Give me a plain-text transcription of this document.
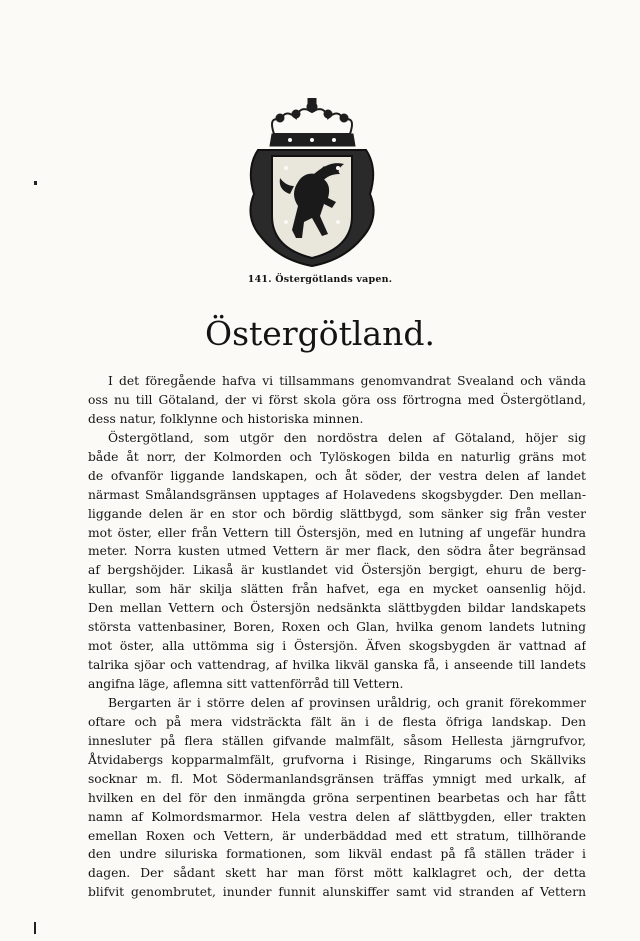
141. Östergötlands vapen.
Östergötland.
I det föregående hafva vi tillsammans genomvandrat Svealand och vända
oss nu till Götaland, der vi först skola göra oss förtrogna med Östergötland,
dess natur, folklynne och historiska minnen.
Östergötland, som utgör den nordöstra delen af Götaland, höjer sig
både åt norr, der Kolmorden och Tylöskogen bilda en naturlig gräns mot
de ofvanför liggande landskapen, och åt söder, der vestra delen af landet
närmast Smålandsgränsen upptages af Holavedens skogsbygder. Den mellan-
liggande delen är en stor och bördig slättbygd, som sänker sig från vester
mot öster, eller från Vettern till Östersjön, med en lutning af ungefär hundra
meter. Norra kusten utmed Vettern är mer flack, den södra åter begränsad
af bergshöjder. Likaså är kustlandet vid Östersjön bergigt, ehuru de berg-
kullar, som här skilja slätten från hafvet, ega en mycket oansenlig höjd.
Den mellan Vettern och Östersjön nedsänkta slättbygden bildar landskapets
största vattenbasiner, Boren, Roxen och Glan, hvilka genom landets lutning
mot öster, alla uttömma sig i Östersjön. Äfven skogsbygden är vattnad af
talrika sjöar och vattendrag, af hvilka likväl ganska få, i anseende till landets
angifna läge, aflemna sitt vattenförråd till Vettern.
Bergarten är i större delen af provinsen uråldrig, och granit förekommer
oftare och på mera vidsträckta fält än i de flesta öfriga landskap. Den
innesluter på flera ställen gifvande malmfält, såsom Hellesta järngrufvor,
Åtvidabergs kopparmalmfält, grufvorna i Risinge, Ringarums och Skällviks
socknar m. fl. Mot Södermanlandsgränsen träffas ymnigt med urkalk, af
hvilken en del för den inmängda gröna serpentinen bearbetas och har fått
namn af Kolmordsmarmor. Hela vestra delen af slättbygden, eller trakten
emellan Roxen och Vettern, är underbäddad med ett stratum, tillhörande
den undre siluriska formationen, som likväl endast på få ställen träder i
dagen. Der sådant skett har man först mött kalklagret och, der detta
blifvit genombrutet, inunder funnit alunskiffer samt vid stranden af Vettern
